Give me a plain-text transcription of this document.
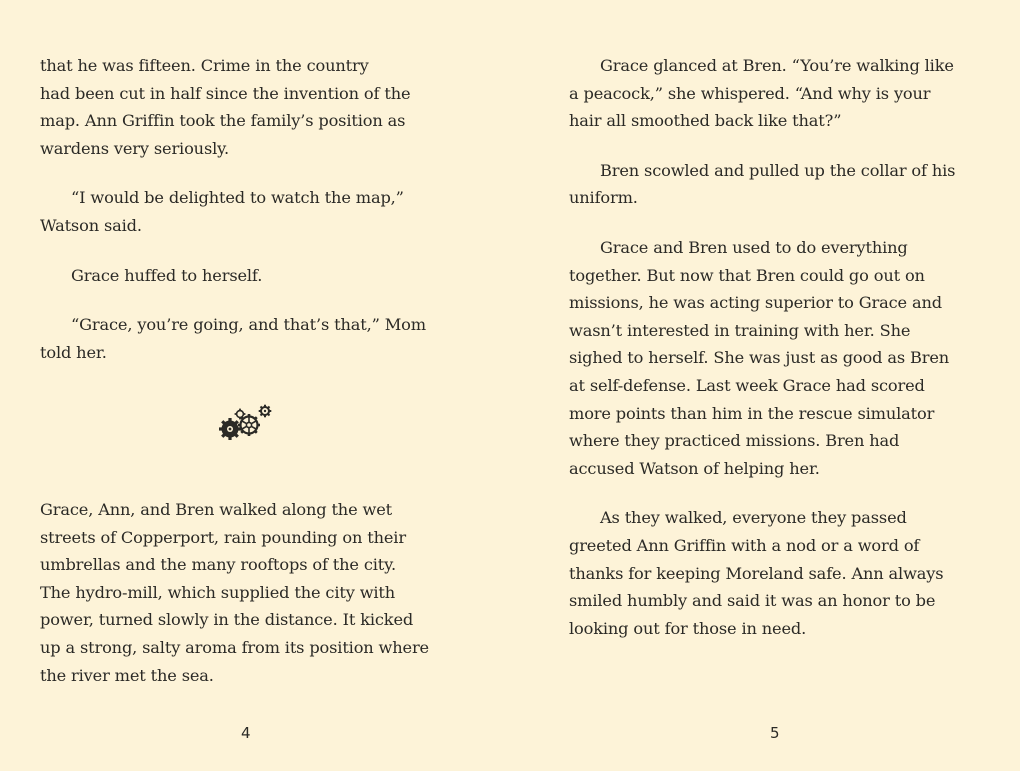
that he was fifteen. Crime in the country
had been cut in half since the invention of the
map. Ann Griffin took the family’s position as
wardens very seriously.
“I would be delighted to watch the map,”
Watson said.
Grace huffed to herself.
“Grace, you’re going, and that’s that,” Mom
told her.
Grace, Ann, and Bren walked along the wet
streets of Copperport, rain pounding on their
umbrellas and the many rooftops of the city.
The hydro-mill, which supplied the city with
power, turned slowly in the distance. It kicked
up a strong, salty aroma from its position where
the river met the sea.
4
Grace glanced at Bren. “You’re walking like
a peacock,” she whispered. “And why is your
hair all smoothed back like that?”
Bren scowled and pulled up the collar of his
uniform.
Grace and Bren used to do everything
together. But now that Bren could go out on
missions, he was acting superior to Grace and
wasn’t interested in training with her. She
sighed to herself. She was just as good as Bren
at self-defense. Last week Grace had scored
more points than him in the rescue simulator
where they practiced missions. Bren had
accused Watson of helping her.
As they walked, everyone they passed
greeted Ann Griffin with a nod or a word of
thanks for keeping Moreland safe. Ann always
smiled humbly and said it was an honor to be
looking out for those in need.
5
